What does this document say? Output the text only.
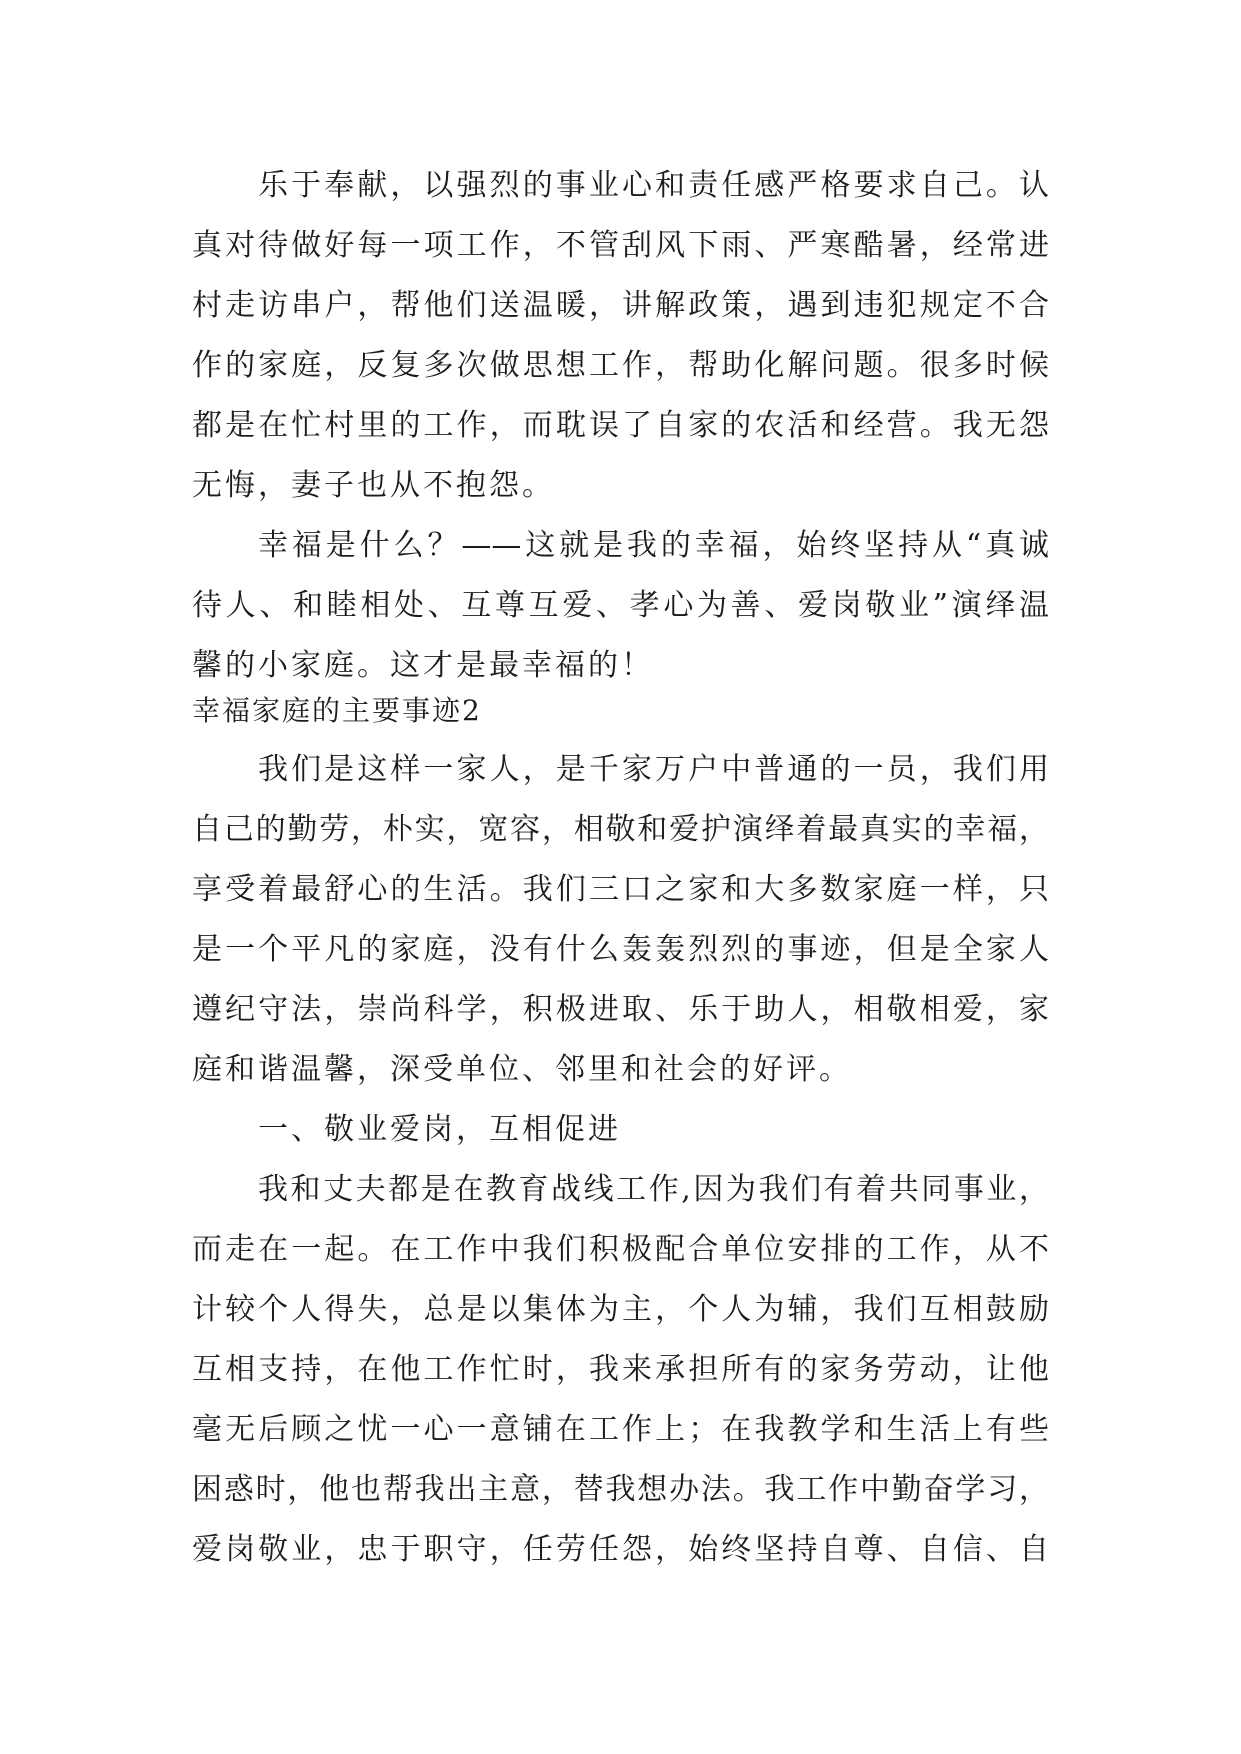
乐于奉献，以强烈的事业心和责任感严格要求自己。认
真对待做好每一项工作，不管刮风下雨、严寒酷暑，经常进
村走访串户，帮他们送温暖，讲解政策，遇到违犯规定不合
作的家庭，反复多次做思想工作，帮助化解问题。很多时候
都是在忙村里的工作，而耽误了自家的农活和经营。我无怨
无悔，妻子也从不抱怨。
幸福是什么？——这就是我的幸福，始终坚持从“真诚
待人、和睦相处、互尊互爱、孝心为善、爱岗敬业”演绎温
馨的小家庭。这才是最幸福的！
幸福家庭的主要事迹2
我们是这样一家人，是千家万户中普通的一员，我们用
自己的勤劳，朴实，宽容，相敬和爱护演绎着最真实的幸福，
享受着最舒心的生活。我们三口之家和大多数家庭一样，只
是一个平凡的家庭，没有什么轰轰烈烈的事迹，但是全家人
遵纪守法，崇尚科学，积极进取、乐于助人，相敬相爱，家
庭和谐温馨，深受单位、邻里和社会的好评。
一、敬业爱岗，互相促进
我和丈夫都是在教育战线工作,因为我们有着共同事业，
而走在一起。在工作中我们积极配合单位安排的工作，从不
计较个人得失，总是以集体为主，个人为辅，我们互相鼓励
互相支持，在他工作忙时，我来承担所有的家务劳动，让他
毫无后顾之忧一心一意铺在工作上；在我教学和生活上有些
困惑时，他也帮我出主意，替我想办法。我工作中勤奋学习，
爱岗敬业，忠于职守，任劳任怨，始终坚持自尊、自信、自
